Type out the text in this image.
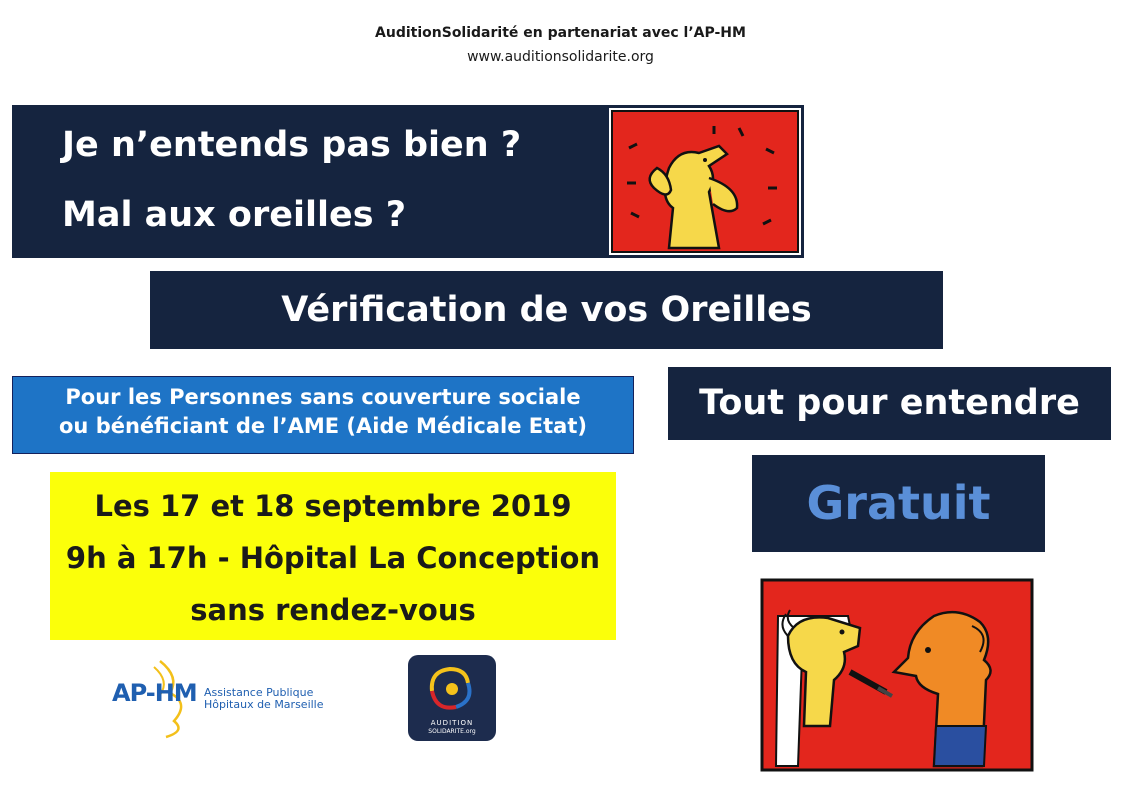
AuditionSolidarité en partenariat avec l’AP-HM
www.auditionsolidarite.org
Je n’entends pas bien ?
Mal aux oreilles ?
Vérification de vos Oreilles
Pour les Personnes sans couverture sociale
ou bénéficiant de l’AME (Aide Médicale Etat)
Tout pour entendre
Gratuit
Les 17 et 18 septembre 2019
9h à 17h - Hôpital La Conception
sans rendez-vous
AP-HM Assistance Publique
Hôpitaux de Marseille
AUDITION
SOLIDARITE.org
